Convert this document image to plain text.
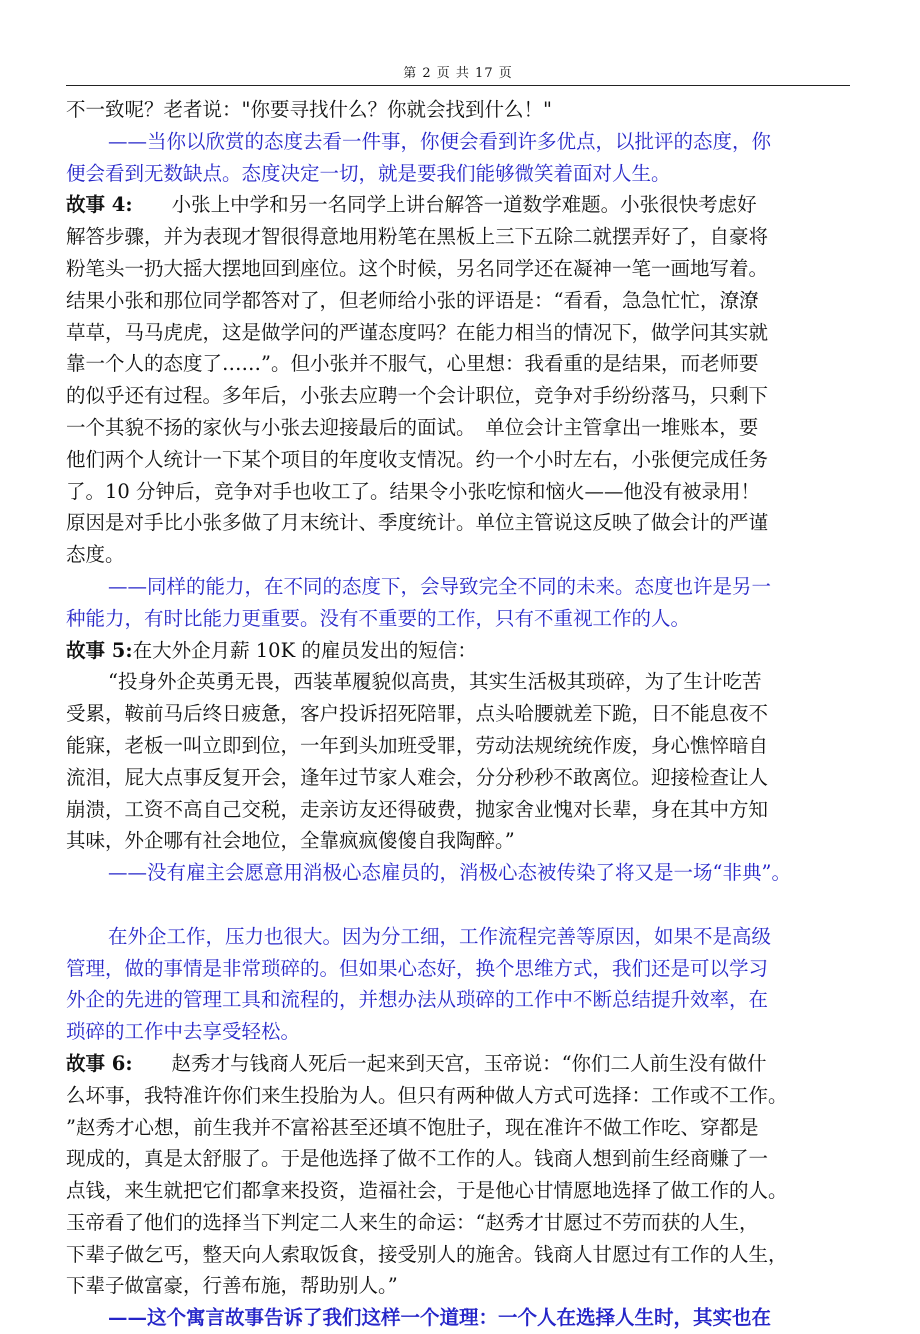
第 2 页 共 17 页
不一致呢？老者说："你要寻找什么？你就会找到什么！"
——当你以欣赏的态度去看一件事，你便会看到许多优点，以批评的态度，你
便会看到无数缺点。态度决定一切，就是要我们能够微笑着面对人生。
故事 4:　　小张上中学和另一名同学上讲台解答一道数学难题。小张很快考虑好
解答步骤，并为表现才智很得意地用粉笔在黑板上三下五除二就摆弄好了，自豪将
粉笔头一扔大摇大摆地回到座位。这个时候，另名同学还在凝神一笔一画地写着。
结果小张和那位同学都答对了，但老师给小张的评语是：“看看，急急忙忙，潦潦
草草，马马虎虎，这是做学问的严谨态度吗？在能力相当的情况下，做学问其实就
靠一个人的态度了……”。但小张并不服气，心里想：我看重的是结果，而老师要
的似乎还有过程。多年后，小张去应聘一个会计职位，竞争对手纷纷落马，只剩下
一个其貌不扬的家伙与小张去迎接最后的面试。　单位会计主管拿出一堆账本，要
他们两个人统计一下某个项目的年度收支情况。约一个小时左右，小张便完成任务
了。10 分钟后，竞争对手也收工了。结果令小张吃惊和恼火——他没有被录用！
原因是对手比小张多做了月末统计、季度统计。单位主管说这反映了做会计的严谨
态度。
——同样的能力，在不同的态度下，会导致完全不同的未来。态度也许是另一
种能力，有时比能力更重要。没有不重要的工作，只有不重视工作的人。
故事 5:在大外企月薪 10K 的雇员发出的短信：
“投身外企英勇无畏，西装革履貌似高贵，其实生活极其琐碎，为了生计吃苦
受累，鞍前马后终日疲惫，客户投诉招死陪罪，点头哈腰就差下跪，日不能息夜不
能寐，老板一叫立即到位，一年到头加班受罪，劳动法规统统作废，身心憔悴暗自
流泪，屁大点事反复开会，逢年过节家人难会，分分秒秒不敢离位。迎接检查让人
崩溃，工资不高自己交税，走亲访友还得破费，抛家舍业愧对长辈，身在其中方知
其味，外企哪有社会地位，全靠疯疯傻傻自我陶醉。”
——没有雇主会愿意用消极心态雇员的，消极心态被传染了将又是一场“非典”。
在外企工作，压力也很大。因为分工细，工作流程完善等原因，如果不是高级
管理，做的事情是非常琐碎的。但如果心态好，换个思维方式，我们还是可以学习
外企的先进的管理工具和流程的，并想办法从琐碎的工作中不断总结提升效率，在
琐碎的工作中去享受轻松。
故事 6:　　赵秀才与钱商人死后一起来到天宫，玉帝说：“你们二人前生没有做什
么坏事，我特准许你们来生投胎为人。但只有两种做人方式可选择：工作或不工作。
”赵秀才心想，前生我并不富裕甚至还填不饱肚子，现在准许不做工作吃、穿都是
现成的，真是太舒服了。于是他选择了做不工作的人。钱商人想到前生经商赚了一
点钱，来生就把它们都拿来投资，造福社会，于是他心甘情愿地选择了做工作的人。
玉帝看了他们的选择当下判定二人来生的命运：“赵秀才甘愿过不劳而获的人生，
下辈子做乞丐，整天向人索取饭食，接受别人的施舍。钱商人甘愿过有工作的人生，
下辈子做富豪，行善布施，帮助别人。”
——这个寓言故事告诉了我们这样一个道理：一个人在选择人生时，其实也在
